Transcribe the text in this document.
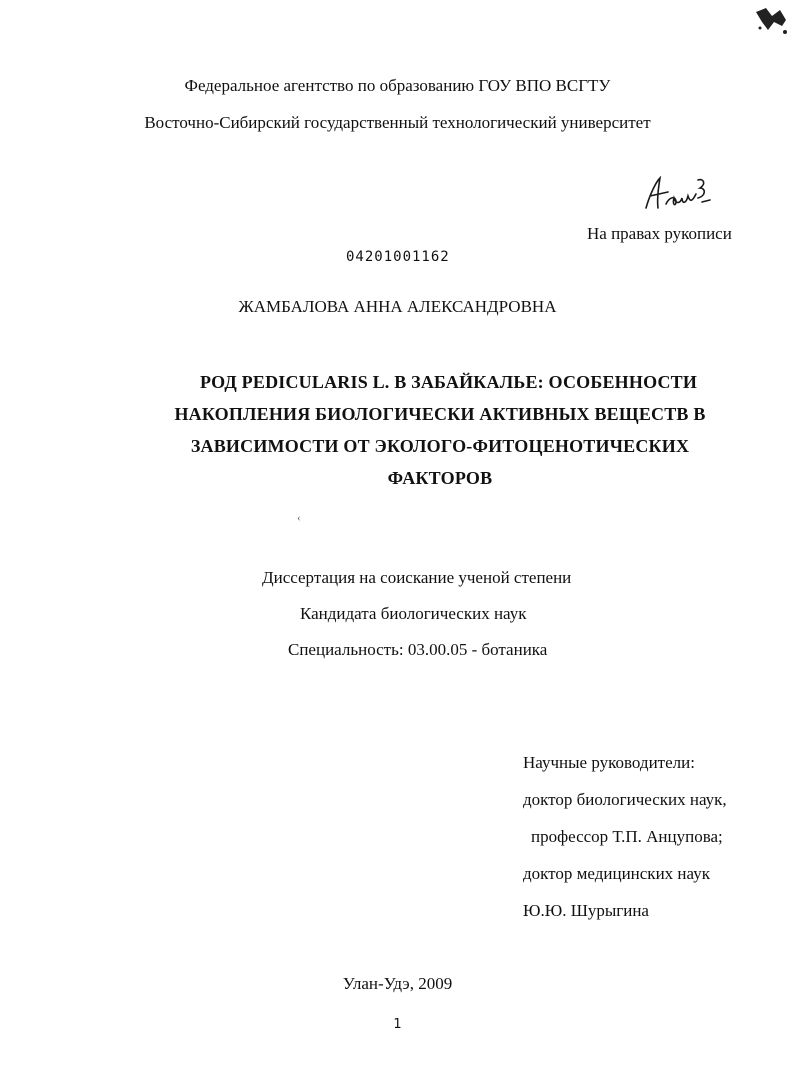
Федеральное агентство по образованию ГОУ ВПО ВСГТУ
Восточно-Сибирский государственный технологический университет
На правах рукописи
04201001162
ЖАМБАЛОВА АННА АЛЕКСАНДРОВНА
РОД PEDICULARIS L. В ЗАБАЙКАЛЬЕ: ОСОБЕННОСТИ
НАКОПЛЕНИЯ БИОЛОГИЧЕСКИ АКТИВНЫХ ВЕЩЕСТВ В
ЗАВИСИМОСТИ ОТ ЭКОЛОГО-ФИТОЦЕНОТИЧЕСКИХ
ФАКТОРОВ
‹
Диссертация на соискание ученой степени
Кандидата биологических наук
Специальность: 03.00.05 - ботаника
Научные руководители:
доктор биологических наук,
профессор Т.П. Анцупова;
доктор медицинских наук
Ю.Ю. Шурыгина
Улан-Удэ, 2009
1
